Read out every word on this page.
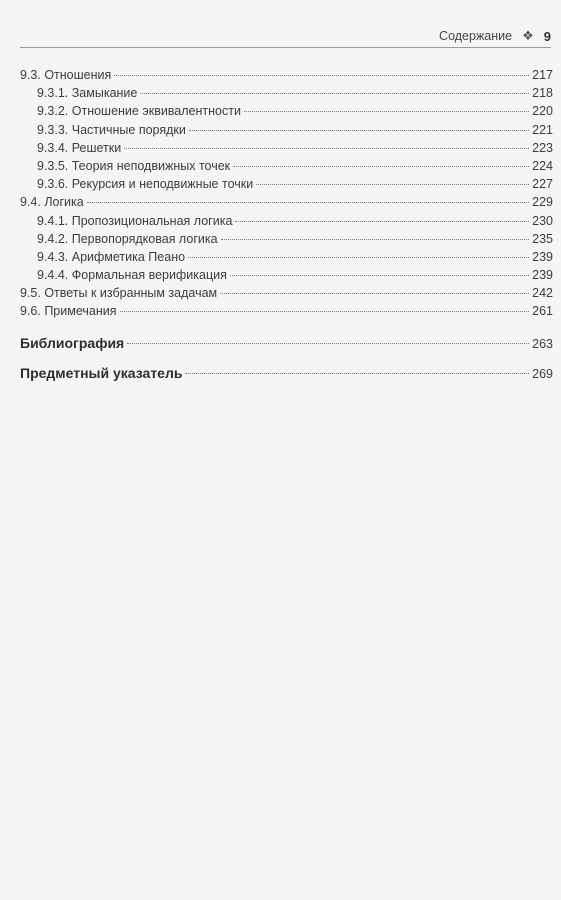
Содержание ❖ 9
9.3. Отношения	217
9.3.1. Замыкание	218
9.3.2. Отношение эквивалентности	220
9.3.3. Частичные порядки	221
9.3.4. Решетки	223
9.3.5. Теория неподвижных точек	224
9.3.6. Рекурсия и неподвижные точки	227
9.4. Логика	229
9.4.1. Пропозициональная логика	230
9.4.2. Первопорядковая логика	235
9.4.3. Арифметика Пеано	239
9.4.4. Формальная верификация	239
9.5. Ответы к избранным задачам	242
9.6. Примечания	261
Библиография	263
Предметный указатель	269
